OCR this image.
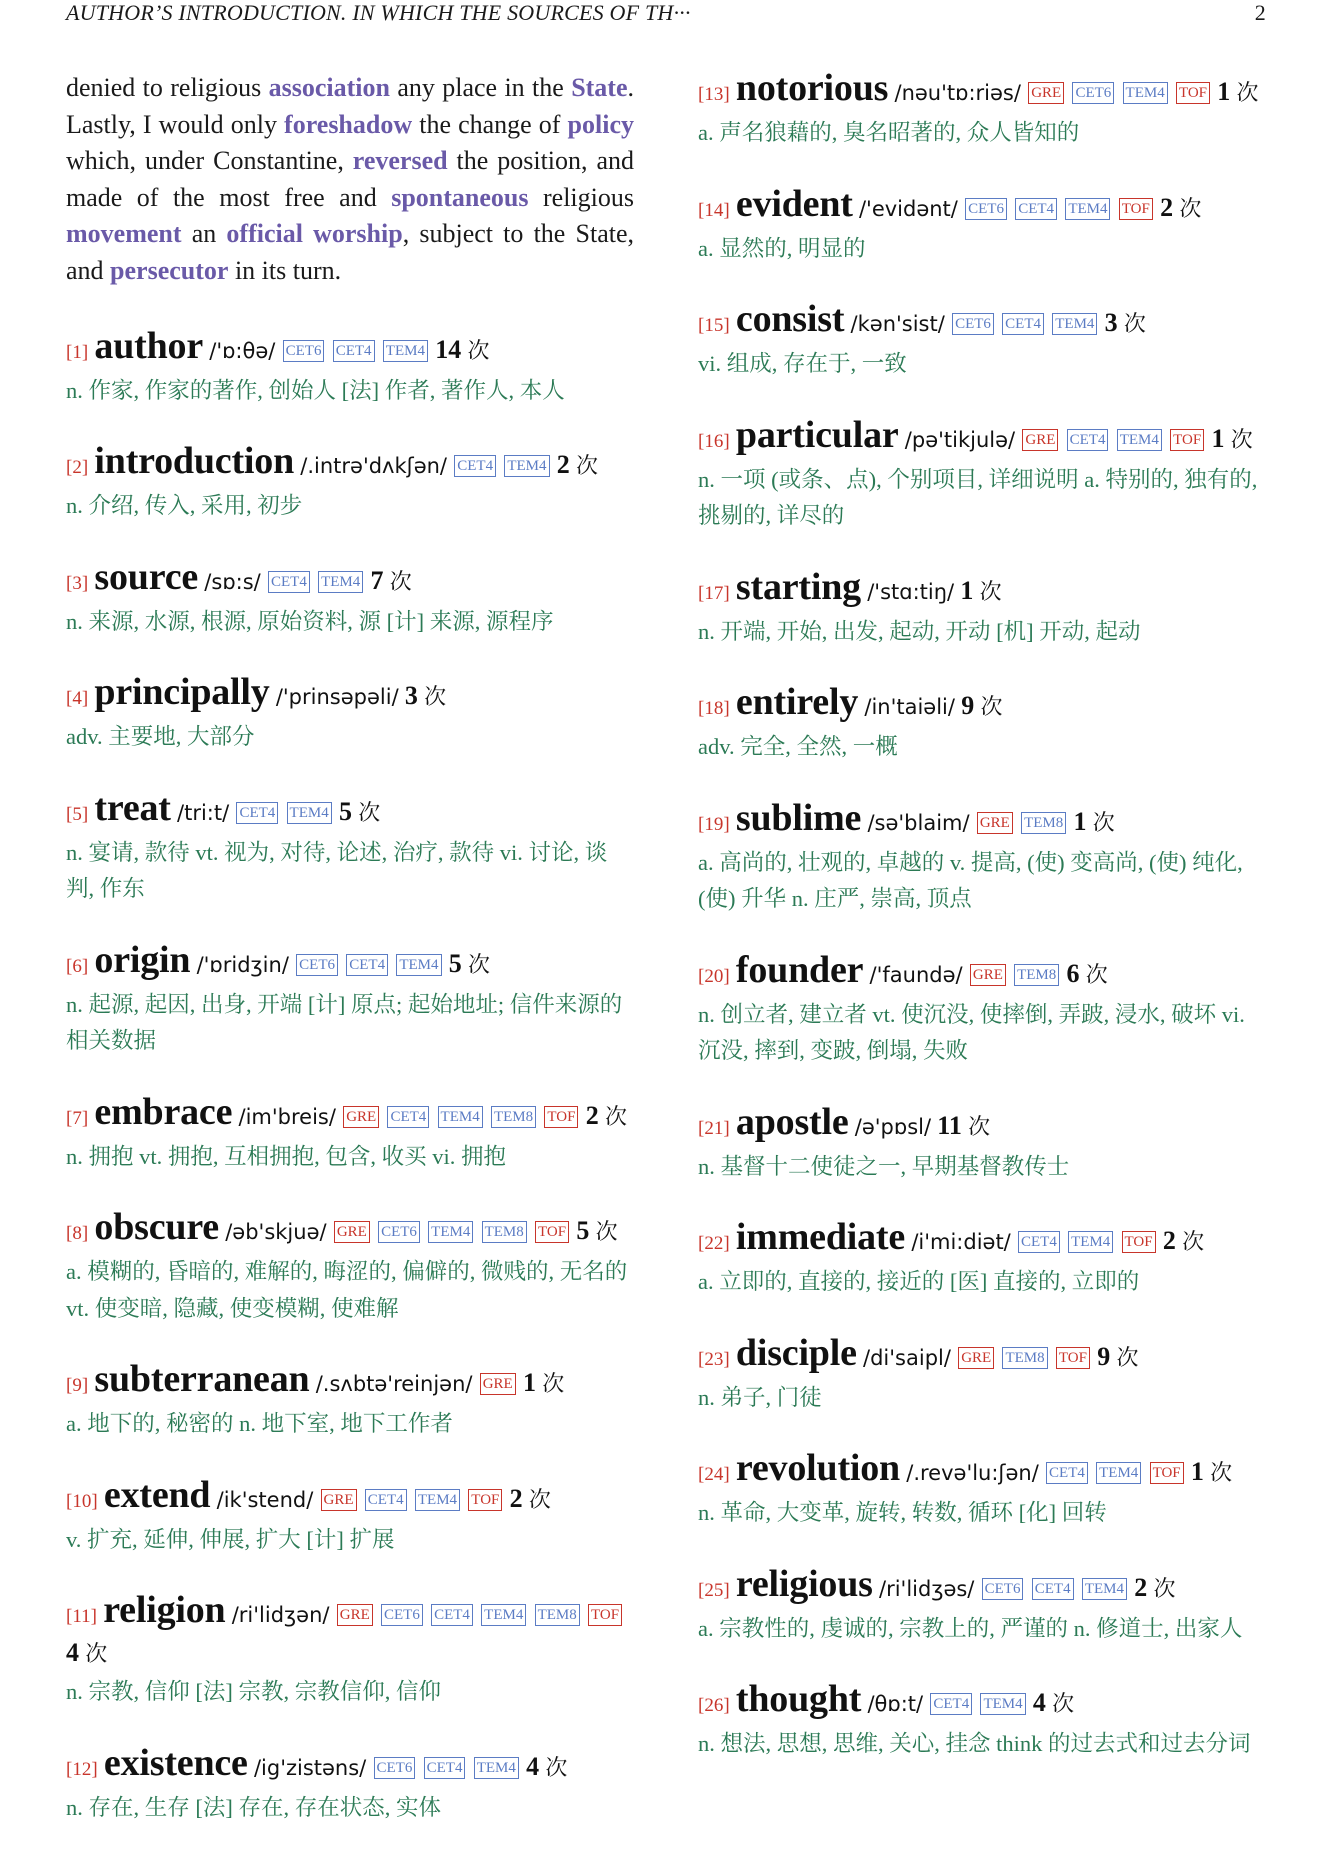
AUTHOR’S INTRODUCTION. IN WHICH THE SOURCES OF TH···	2

denied to religious association any place in the State. Lastly, I would only foreshadow the change of policy which, under Constantine, reversed the position, and made of the most free and spontaneous religious movement an official worship, subject to the State, and persecutor in its turn.

[1] author /'ɒ:θə/ CET6 CET4 TEM4 14 次
n. 作家, 作家的著作, 创始人 [法] 作者, 著作人, 本人
[2] introduction /.intrə'dʌkʃən/ CET4 TEM4 2 次
n. 介绍, 传入, 采用, 初步
[3] source /sɒ:s/ CET4 TEM4 7 次
n. 来源, 水源, 根源, 原始资料, 源 [计] 来源, 源程序
[4] principally /'prinsəpəli/ 3 次
adv. 主要地, 大部分
[5] treat /tri:t/ CET4 TEM4 5 次
n. 宴请, 款待 vt. 视为, 对待, 论述, 治疗, 款待 vi. 讨论, 谈判, 作东
[6] origin /'ɒridʒin/ CET6 CET4 TEM4 5 次
n. 起源, 起因, 出身, 开端 [计] 原点; 起始地址; 信件来源的相关数据
[7] embrace /im'breis/ GRE CET4 TEM4 TEM8 TOF 2 次
n. 拥抱 vt. 拥抱, 互相拥抱, 包含, 收买 vi. 拥抱
[8] obscure /əb'skjuə/ GRE CET6 TEM4 TEM8 TOF 5 次
a. 模糊的, 昏暗的, 难解的, 晦涩的, 偏僻的, 微贱的, 无名的 vt. 使变暗, 隐藏, 使变模糊, 使难解
[9] subterranean /.sʌbtə'reinjən/ GRE 1 次
a. 地下的, 秘密的 n. 地下室, 地下工作者
[10] extend /ik'stend/ GRE CET4 TEM4 TOF 2 次
v. 扩充, 延伸, 伸展, 扩大 [计] 扩展
[11] religion /ri'lidʒən/ GRE CET6 CET4 TEM4 TEM8 TOF 4 次
n. 宗教, 信仰 [法] 宗教, 宗教信仰, 信仰
[12] existence /ig'zistəns/ CET6 CET4 TEM4 4 次
n. 存在, 生存 [法] 存在, 存在状态, 实体
[13] notorious /nəu'tɒ:riəs/ GRE CET6 TEM4 TOF 1 次
a. 声名狼藉的, 臭名昭著的, 众人皆知的
[14] evident /'evidənt/ CET6 CET4 TEM4 TOF 2 次
a. 显然的, 明显的
[15] consist /kən'sist/ CET6 CET4 TEM4 3 次
vi. 组成, 存在于, 一致
[16] particular /pə'tikjulə/ GRE CET4 TEM4 TOF 1 次
n. 一项 (或条、点), 个别项目, 详细说明 a. 特别的, 独有的, 挑剔的, 详尽的
[17] starting /'stɑ:tiŋ/ 1 次
n. 开端, 开始, 出发, 起动, 开动 [机] 开动, 起动
[18] entirely /in'taiəli/ 9 次
adv. 完全, 全然, 一概
[19] sublime /sə'blaim/ GRE TEM8 1 次
a. 高尚的, 壮观的, 卓越的 v. 提高, (使) 变高尚, (使) 纯化, (使) 升华 n. 庄严, 崇高, 顶点
[20] founder /'faundə/ GRE TEM8 6 次
n. 创立者, 建立者 vt. 使沉没, 使摔倒, 弄跛, 浸水, 破坏 vi. 沉没, 摔到, 变跛, 倒塌, 失败
[21] apostle /ə'pɒsl/ 11 次
n. 基督十二使徒之一, 早期基督教传士
[22] immediate /i'mi:diət/ CET4 TEM4 TOF 2 次
a. 立即的, 直接的, 接近的 [医] 直接的, 立即的
[23] disciple /di'saipl/ GRE TEM8 TOF 9 次
n. 弟子, 门徒
[24] revolution /.revə'lu:ʃən/ CET4 TEM4 TOF 1 次
n. 革命, 大变革, 旋转, 转数, 循环 [化] 回转
[25] religious /ri'lidʒəs/ CET6 CET4 TEM4 2 次
a. 宗教性的, 虔诚的, 宗教上的, 严谨的 n. 修道士, 出家人
[26] thought /θɒ:t/ CET4 TEM4 4 次
n. 想法, 思想, 思维, 关心, 挂念 think 的过去式和过去分词
